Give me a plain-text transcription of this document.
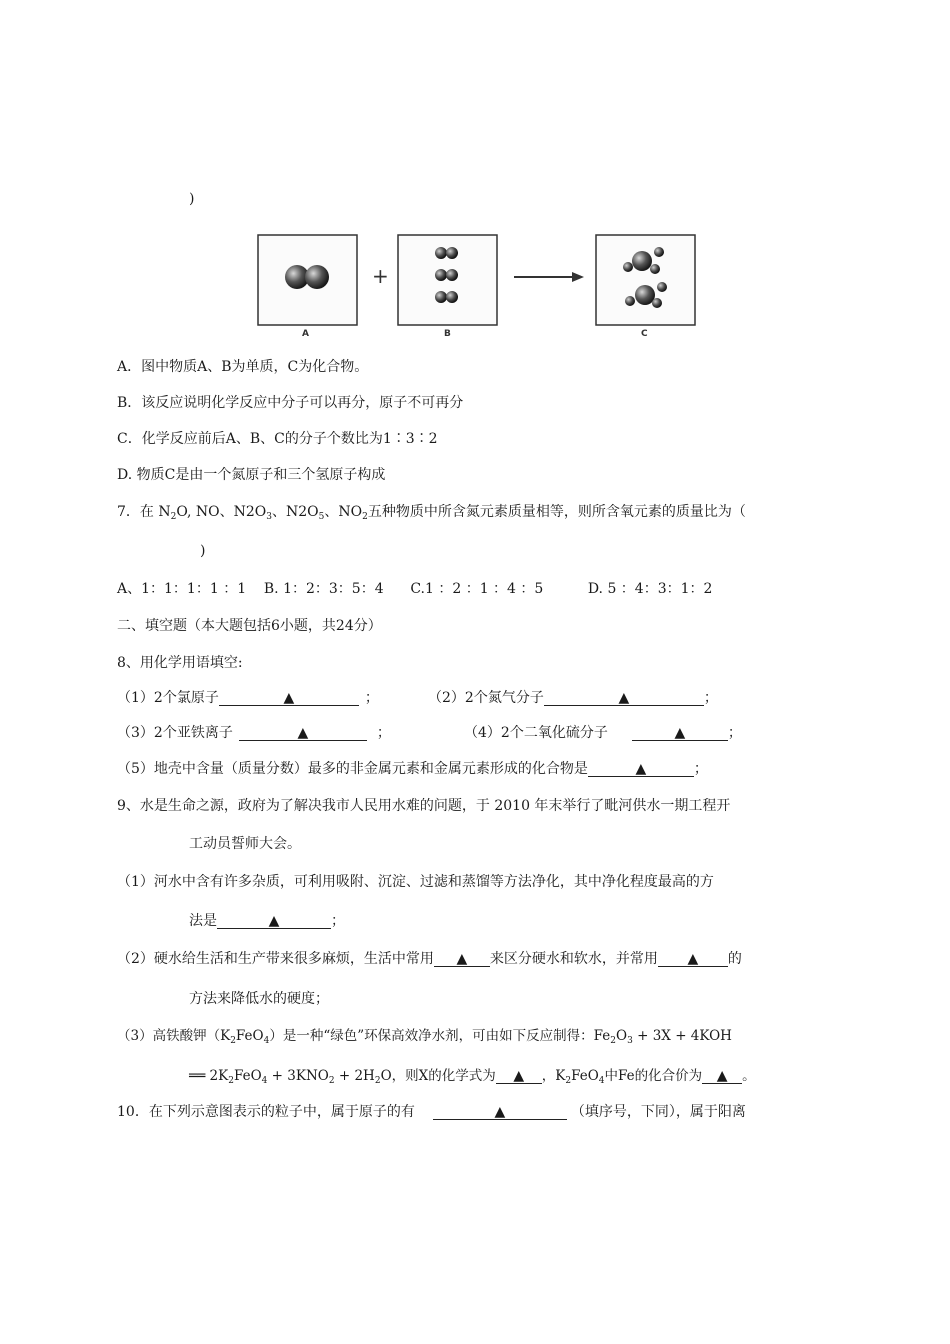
)
+
A	B	C
A．图中物质A、B为单质，C为化合物。
B．该反应说明化学反应中分子可以再分，原子不可再分
C．化学反应前后A、B、C的分子个数比为1∶3∶2
D. 物质C是由一个氮原子和三个氢原子构成
7．在 $N_2O$, NO、$N2O_3$、$N2O_5$、$NO_2$五种物质中所含氮元素质量相等，则所含氧元素的质量比为（
)
A、1：1：1：1 ：1    B. 1：2：3：5：4      C.1 ：2 ：1 ：4 ：5          D. 5 ：4：3：1：2
二、填空题（本大题包括6小题，共24分）
8、用化学用语填空:
（1）2个氯原子	▲	；	（2）2个氮气分子	▲	；
（3）2个亚铁离子	▲	；	（4）2个二氧化硫分子	▲	；
（5）地壳中含量（质量分数）最多的非金属元素和金属元素形成的化合物是	▲	；
9、水是生命之源，政府为了解决我市人民用水难的问题，于 2010 年末举行了毗河供水一期工程开
工动员誓师大会。
（1）河水中含有许多杂质，可利用吸附、沉淀、过滤和蒸馏等方法净化，其中净化程度最高的方
法是	▲	；
（2）硬水给生活和生产带来很多麻烦，生活中常用 ▲ 来区分硬水和软水，并常用 ▲ 的
方法来降低水的硬度；
（3）高铁酸钾$(K_2FeO_4)$是一种“绿色”环保高效净水剂，可由如下反应制得：$Fe_2O_3 + 3X + 4KOH$
══ $2K_2FeO_4 + 3KNO_2 + 2H_2O$，则X的化学式为 ▲ ，$K_2FeO_4$中Fe的化合价为 ▲ 。
10．在下列示意图表示的粒子中，属于原子的有	▲	（填序号，下同），属于阳离
